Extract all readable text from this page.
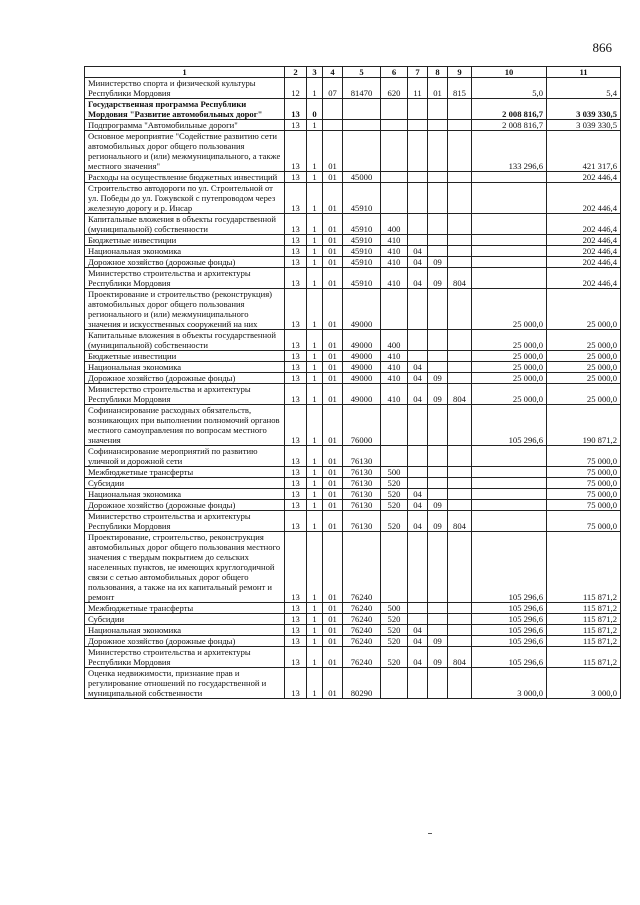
866
1	2	3	4	5	6	7	8	9	10	11
Министерство спорта и физической культуры Республики Мордовия	12	1	07	81470	620	11	01	815	5,0	5,4
Государственная программа Республики Мордовия "Развитие автомобильных дорог"	13	0							2 008 816,7	3 039 330,5
Подпрограмма "Автомобильные дороги"	13	1							2 008 816,7	3 039 330,5
Основное мероприятие "Содействие развитию сети автомобильных дорог общего пользования регионального и (или) межмуниципального, а также местного значения"	13	1	01						133 296,6	421 317,6
Расходы на осуществление бюджетных инвестиций	13	1	01	45000						202 446,4
Строительство автодороги по ул. Строительной от ул. Победы до ул. Гожувской с путепроводом через железную дорогу и р. Инсар	13	1	01	45910						202 446,4
Капитальные вложения в объекты государственной (муниципальной) собственности	13	1	01	45910	400					202 446,4
Бюджетные инвестиции	13	1	01	45910	410					202 446,4
Национальная экономика	13	1	01	45910	410	04				202 446,4
Дорожное хозяйство (дорожные фонды)	13	1	01	45910	410	04	09			202 446,4
Министерство строительства и архитектуры Республики Мордовия	13	1	01	45910	410	04	09	804		202 446,4
Проектирование и строительство (реконструкция) автомобильных дорог общего пользования регионального и (или) межмуниципального значения и искусственных сооружений на них	13	1	01	49000					25 000,0	25 000,0
Капитальные вложения в объекты государственной (муниципальной) собственности	13	1	01	49000	400				25 000,0	25 000,0
Бюджетные инвестиции	13	1	01	49000	410				25 000,0	25 000,0
Национальная экономика	13	1	01	49000	410	04			25 000,0	25 000,0
Дорожное хозяйство (дорожные фонды)	13	1	01	49000	410	04	09		25 000,0	25 000,0
Министерство строительства и архитектуры Республики Мордовия	13	1	01	49000	410	04	09	804	25 000,0	25 000,0
Софинансирование расходных обязательств, возникающих при выполнении полномочий органов местного самоуправления по вопросам местного значения	13	1	01	76000					105 296,6	190 871,2
Софинансирование мероприятий по развитию уличной и дорожной сети	13	1	01	76130						75 000,0
Межбюджетные трансферты	13	1	01	76130	500					75 000,0
Субсидии	13	1	01	76130	520					75 000,0
Национальная экономика	13	1	01	76130	520	04				75 000,0
Дорожное хозяйство (дорожные фонды)	13	1	01	76130	520	04	09			75 000,0
Министерство строительства и архитектуры Республики Мордовия	13	1	01	76130	520	04	09	804		75 000,0
Проектирование, строительство, реконструкция автомобильных дорог общего пользования местного значения с твердым покрытием до сельских населенных пунктов, не имеющих круглогодичной связи с сетью автомобильных дорог общего пользования, а также на их капитальный ремонт и ремонт	13	1	01	76240					105 296,6	115 871,2
Межбюджетные трансферты	13	1	01	76240	500				105 296,6	115 871,2
Субсидии	13	1	01	76240	520				105 296,6	115 871,2
Национальная экономика	13	1	01	76240	520	04			105 296,6	115 871,2
Дорожное хозяйство (дорожные фонды)	13	1	01	76240	520	04	09		105 296,6	115 871,2
Министерство строительства и архитектуры Республики Мордовия	13	1	01	76240	520	04	09	804	105 296,6	115 871,2
Оценка недвижимости, признание прав и регулирование отношений по государственной и муниципальной собственности	13	1	01	80290					3 000,0	3 000,0
